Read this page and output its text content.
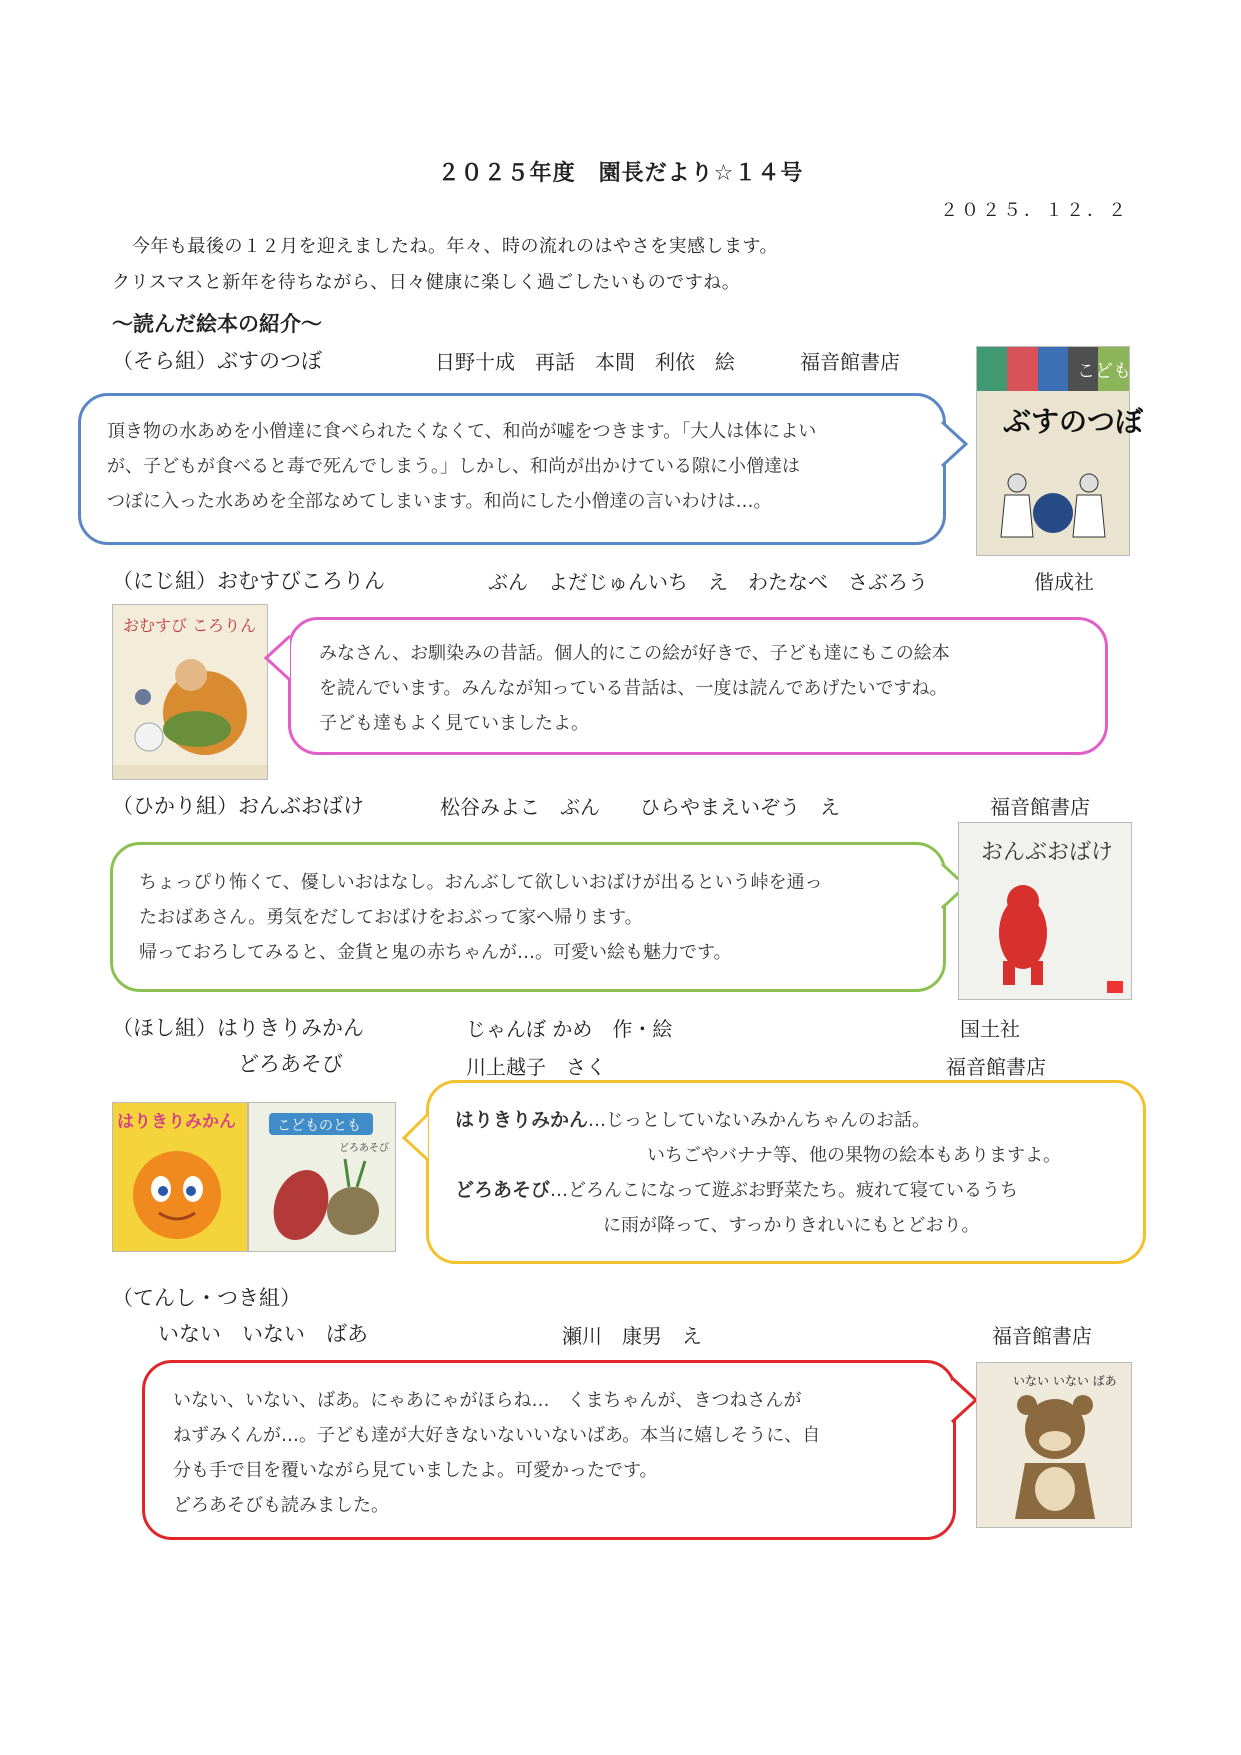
２０２５年度　園長だより☆１４号
２０２５．１２．２
今年も最後の１２月を迎えましたね。年々、時の流れのはやさを実感します。
クリスマスと新年を待ちながら、日々健康に楽しく過ごしたいものですね。
～読んだ絵本の紹介～
（そら組）ぶすのつぼ	日野十成　再話　本間　利依　絵	福音館書店

頂き物の水あめを小僧達に食べられたくなくて、和尚が嘘をつきます。「大人は体によい

が、子どもが食べると毒で死んでしまう。」しかし、和尚が出かけている隙に小僧達は

つぼに入った水あめを全部なめてしまいます。和尚にした小僧達の言いわけは…。

こどものとも
ぶすのつぼ
（にじ組）おむすびころりん	ぶん　よだじゅんいち　え　わたなべ　さぶろう	偕成社
おむすび ころりん

みなさん、お馴染みの昔話。個人的にこの絵が好きで、子ども達にもこの絵本

を読んでいます。みんなが知っている昔話は、一度は読んであげたいですね。

子ども達もよく見ていましたよ。

（ひかり組）おんぶおばけ	松谷みよこ　ぶん　　ひらやまえいぞう　え	福音館書店

ちょっぴり怖くて、優しいおはなし。おんぶして欲しいおばけが出るという峠を通っ

たおばあさん。勇気をだしておばけをおぶって家へ帰ります。

帰っておろしてみると、金貨と鬼の赤ちゃんが…。可愛い絵も魅力です。

おんぶおばけ
（ほし組）はりきりみかん	じゃんぼ かめ　作・絵	国土社
どろあそび	川上越子　さく	福音館書店
はりきりみかん	こどものとも
どろあそび

はりきりみかん…じっとしていないみかんちゃんのお話。

いちごやバナナ等、他の果物の絵本もありますよ。

どろあそび…どろんこになって遊ぶお野菜たち。疲れて寝ているうち

に雨が降って、すっかりきれいにもとどおり。

（てんし・つき組）
いない　いない　ばあ	瀬川　康男　え	福音館書店

いない、いない、ばあ。にゃあにゃがほらね…　くまちゃんが、きつねさんが

ねずみくんが…。子ども達が大好きないないいないばあ。本当に嬉しそうに、自

分も手で目を覆いながら見ていましたよ。可愛かったです。

どろあそびも読みました。

いない いない ばあ
